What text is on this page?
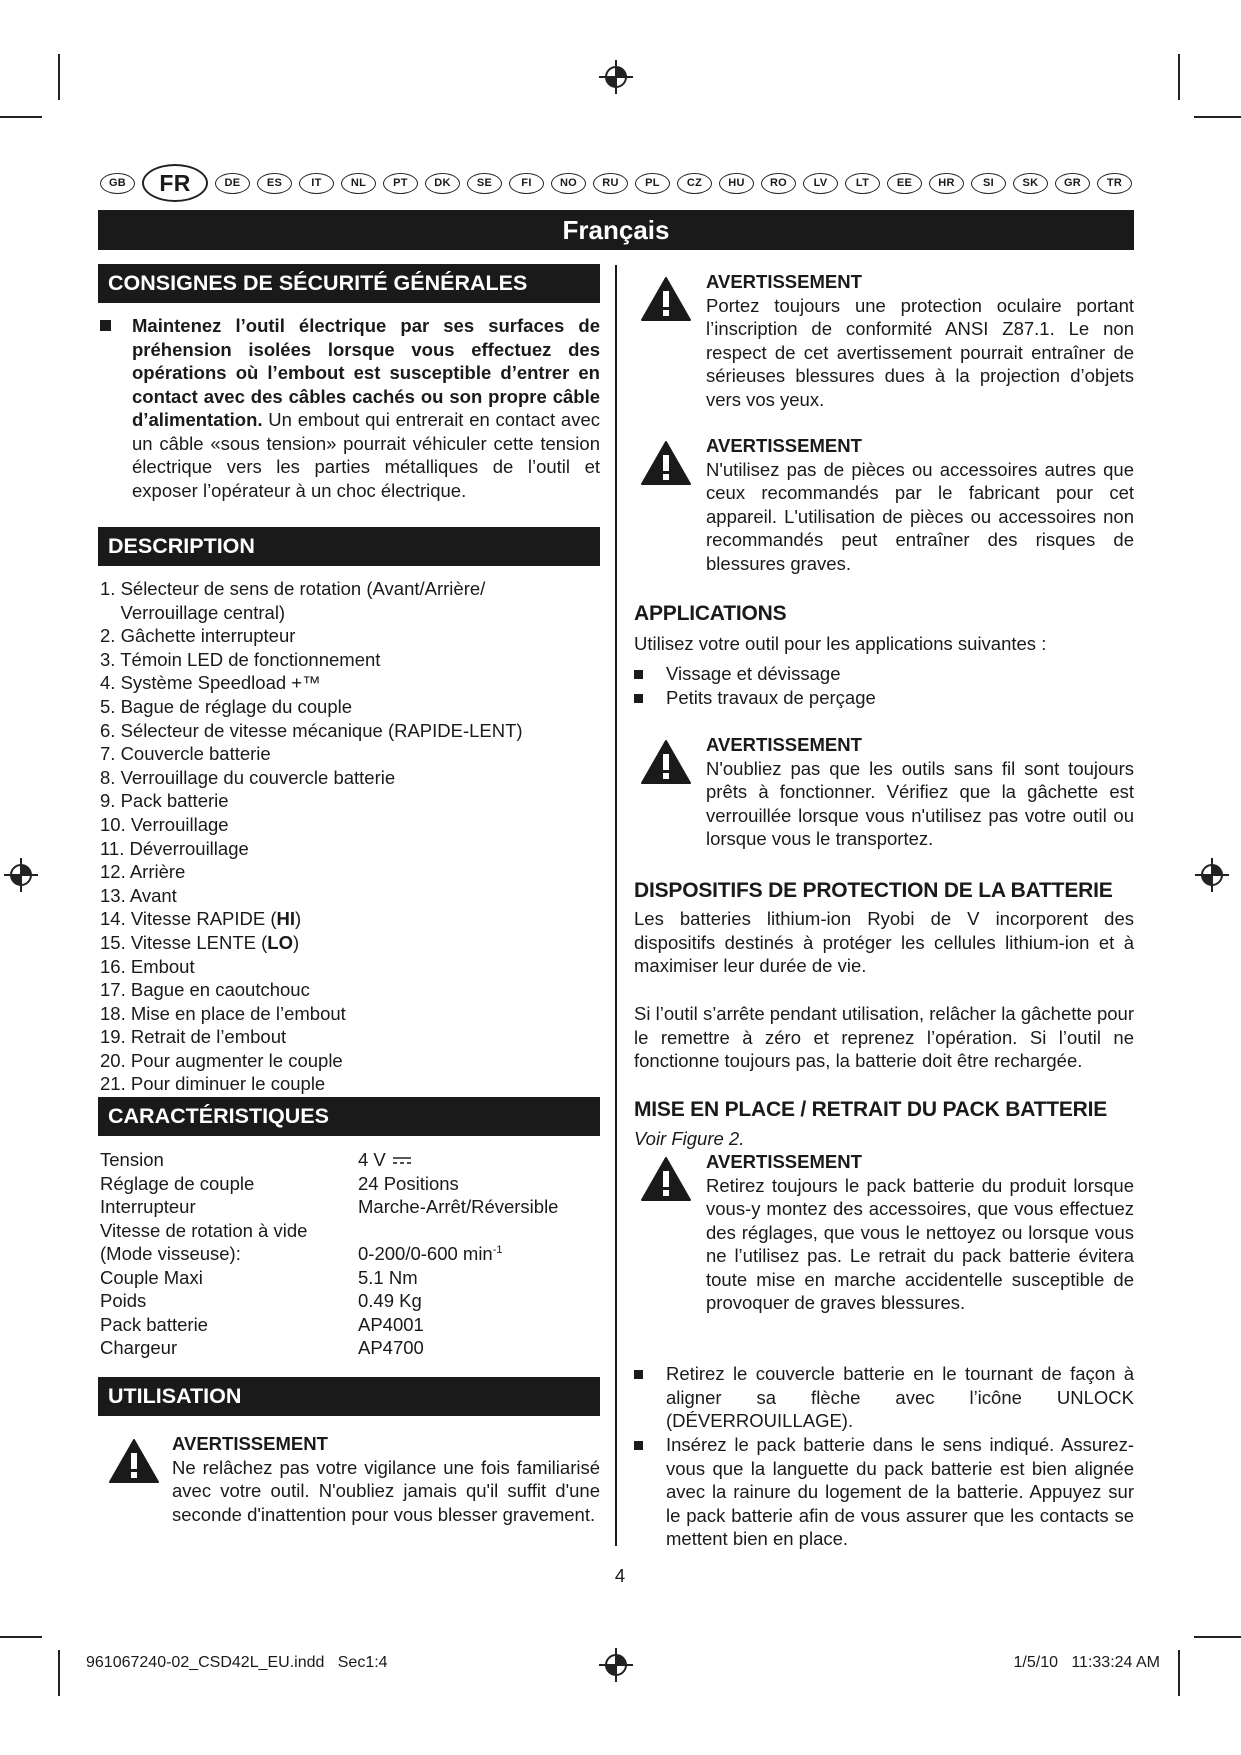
GB	FR	DE	ES	IT	NL	PT	DK	SE	FI	NO	RU	PL	CZ	HU	RO	LV	LT	EE	HR	SI	SK	GR	TR
Français
CONSIGNES DE SÉCURITÉ GÉNÉRALES
Maintenez l’outil électrique par ses surfaces de préhension isolées lorsque vous effectuez des opérations où l’embout est susceptible d’entrer en contact avec des câbles cachés ou son propre câble d’alimentation. Un embout qui entrerait en contact avec un câble «sous tension» pourrait véhiculer cette tension électrique vers les parties métalliques de l’outil et exposer l’opérateur à un choc électrique.
DESCRIPTION
1. Sélecteur de sens de rotation (Avant/Arrière/
Verrouillage central)
2. Gâchette interrupteur
3. Témoin LED de fonctionnement
4. Système Speedload +™
5. Bague de réglage du couple
6. Sélecteur de vitesse mécanique (RAPIDE-LENT)
7. Couvercle batterie
8. Verrouillage du couvercle batterie
9. Pack batterie
10. Verrouillage
11. Déverrouillage
12. Arrière
13. Avant
14. Vitesse RAPIDE (HI)
15. Vitesse LENTE (LO)
16. Embout
17. Bague en caoutchouc
18. Mise en place de l’embout
19. Retrait de l’embout
20. Pour augmenter le couple
21. Pour diminuer le couple
CARACTÉRISTIQUES
Tension	4 V
Réglage de couple	24 Positions
Interrupteur	Marche-Arrêt/Réversible
Vitesse de rotation à vide
(Mode visseuse):	0-200/0-600 $\min^{-1}$
Couple Maxi	5.1 Nm
Poids	0.49 Kg
Pack batterie	AP4001
Chargeur	AP4700
UTILISATION
AVERTISSEMENT
Ne relâchez pas votre vigilance une fois familiarisé avec votre outil. N'oubliez jamais qu'il suffit d'une seconde d'inattention pour vous blesser gravement.
AVERTISSEMENT
Portez toujours une protection oculaire portant l’inscription de conformité ANSI Z87.1. Le non respect de cet avertissement pourrait entraîner de sérieuses blessures dues à la projection d’objets vers vos yeux.
AVERTISSEMENT
N'utilisez pas de pièces ou accessoires autres que ceux recommandés par le fabricant pour cet appareil. L'utilisation de pièces ou accessoires non recommandés peut entraîner des risques de blessures graves.
APPLICATIONS
Utilisez votre outil pour les applications suivantes :
Vissage et dévissage
Petits travaux de perçage
AVERTISSEMENT
N'oubliez pas que les outils sans fil sont toujours prêts à fonctionner. Vérifiez que la gâchette est verrouillée lorsque vous n'utilisez pas votre outil ou lorsque vous le transportez.
DISPOSITIFS DE PROTECTION DE LA BATTERIE
Les batteries lithium-ion Ryobi de V incorporent des dispositifs destinés à protéger les cellules lithium-ion et à maximiser leur durée de vie.
Si l’outil s’arrête pendant utilisation, relâcher la gâchette pour le remettre à zéro et reprenez l’opération. Si l’outil ne fonctionne toujours pas, la batterie doit être rechargée.
MISE EN PLACE / RETRAIT DU PACK BATTERIE
Voir Figure 2.
AVERTISSEMENT
Retirez toujours le pack batterie du produit lorsque vous-y montez des accessoires, que vous effectuez des réglages, que vous le nettoyez ou lorsque vous ne l’utilisez pas. Le retrait du pack batterie évitera toute mise en marche accidentelle susceptible de provoquer de graves blessures.
Retirez le couvercle batterie en le tournant de façon à aligner sa flèche avec l’icône UNLOCK (DÉVERROUILLAGE).
Insérez le pack batterie dans le sens indiqué. Assurez-vous que la languette du pack batterie est bien alignée avec la rainure du logement de la batterie. Appuyez sur le pack batterie afin de vous assurer que les contacts se mettent bien en place.
4
961067240-02_CSD42L_EU.indd   Sec1:4	1/5/10   11:33:24 AM
